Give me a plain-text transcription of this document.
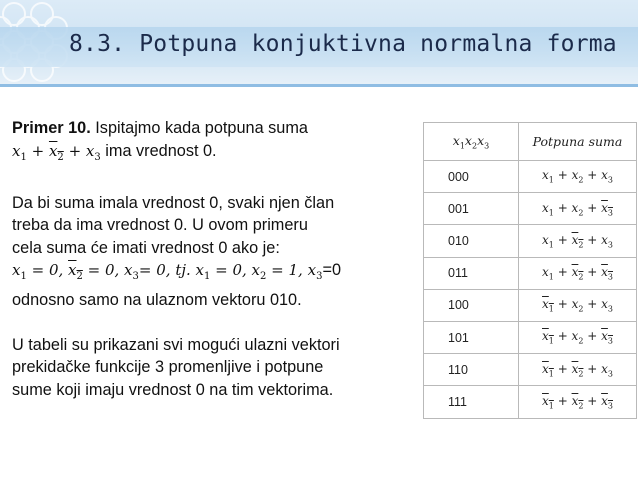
8.3. Potpuna konjuktivna normalna forma

Primer 10. Ispitajmo kada potpuna suma
$x_1 + x_2 + x_3$ ima vrednost 0.

Da bi suma imala vrednost 0, svaki njen član
treba da ima vrednost 0. U ovom primeru
cela suma će imati vrednost 0 ako je:
$x_1 = 0$, $x_2 = 0$, $x_3= 0$, tj. $x_1 = 0$, $x_2 = 1$, $x_3=0$
odnosno samo na ulaznom vektoru 010.

U tabeli su prikazani svi mogući ulazni vektori
prekidačke funkcije 3 promenljive i potpune
sume koji imaju vrednost 0 na tim vektorima.

$x_1x_2x_3$	Potpuna suma
000	$x_1 + x_2 + x_3$
001	$x_1 + x_2 + x_3$
010	$x_1 + x_2 + x_3$
011	$x_1 + x_2 + x_3$
100	$x_1 + x_2 + x_3$
101	$x_1 + x_2 + x_3$
110	$x_1 + x_2 + x_3$
111	$x_1 + x_2 + x_3$
